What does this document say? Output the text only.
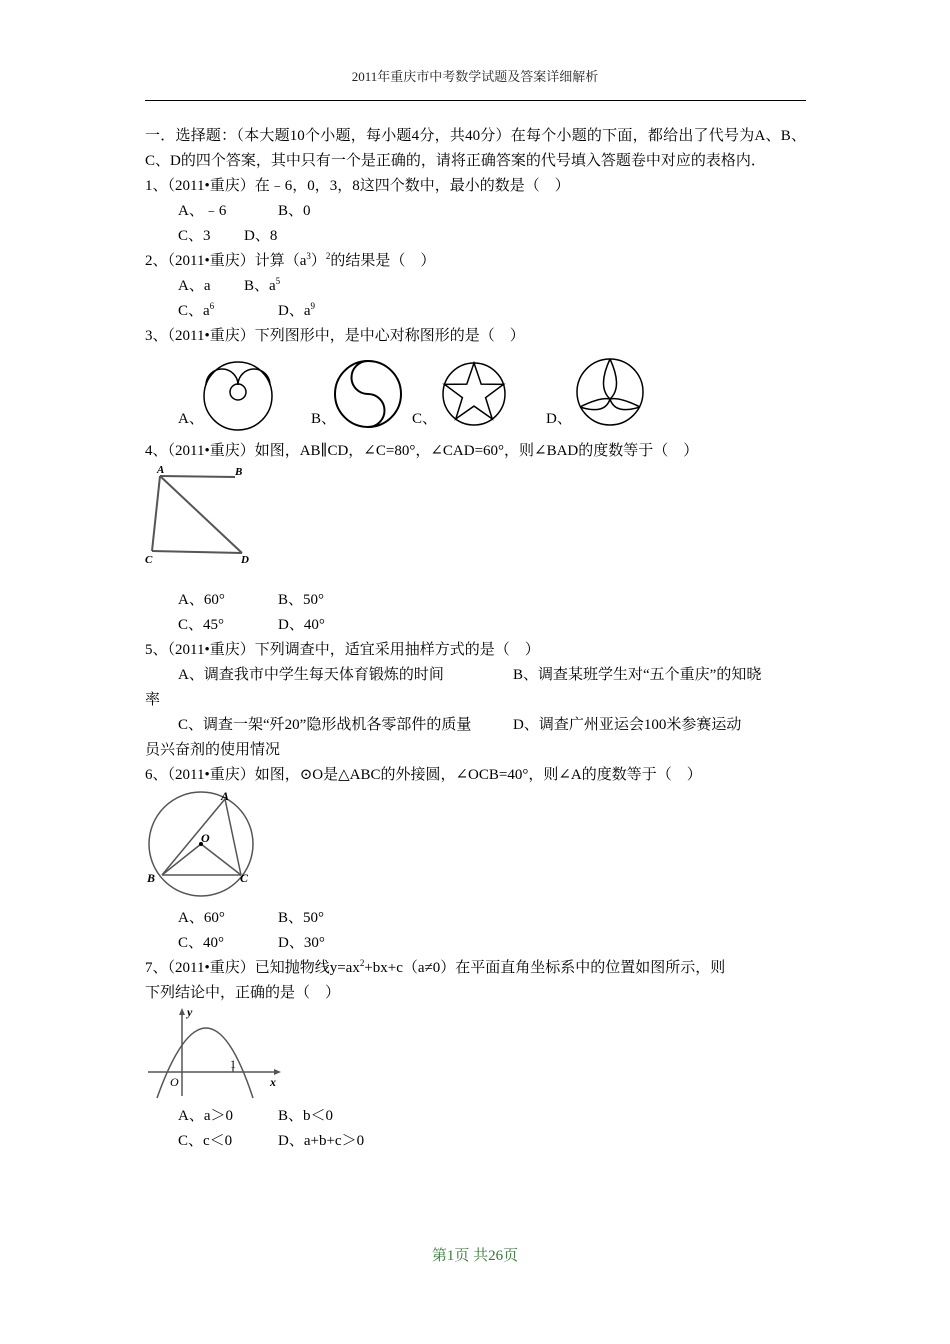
2011年重庆市中考数学试题及答案详细解析

一．选择题：（本大题10个小题，每小题4分，共40分）在每个小题的下面，都给出了代号为A、B、C、D的四个答案，其中只有一个是正确的，请将正确答案的代号填入答题卷中对应的表格内．

1、（2011•重庆）在﹣6，0，3，8这四个数中，最小的数是（　）

A、﹣6	B、0

C、3 D、8

2、（2011•重庆）计算$(a^3)^2$的结果是（　）

A、a B、$a^5$

C、$a^6$	D、$a^9$

3、（2011•重庆）下列图形中，是中心对称图形的是（　）

A、	B、	C、	D、

4、（2011•重庆）如图，AB∥CD，∠C=80°，∠CAD=60°，则∠BAD的度数等于（　）

A	B
C	D

A、60°	B、50°

C、45°	D、40°

5、（2011•重庆）下列调查中，适宜采用抽样方式的是（　）

A、调查我市中学生每天体育锻炼的时间	B、调查某班学生对“五个重庆”的知晓

率

C、调查一架“歼20”隐形战机各零部件的质量	D、调查广州亚运会100米参赛运动

员兴奋剂的使用情况

6、（2011•重庆）如图，⊙O是△ABC的外接圆，∠OCB=40°，则∠A的度数等于（　）

A
O
B	C

A、60°	B、50°

C、40°	D、30°

7、（2011•重庆）已知抛物线$y=ax^2+bx+c(a\ne 0)$在平面直角坐标系中的位置如图所示，则
下列结论中，正确的是（　）

y
O
1
x

A、a＞0	B、b＜0

C、c＜0	D、a+b+c＞0

第1页 共26页
